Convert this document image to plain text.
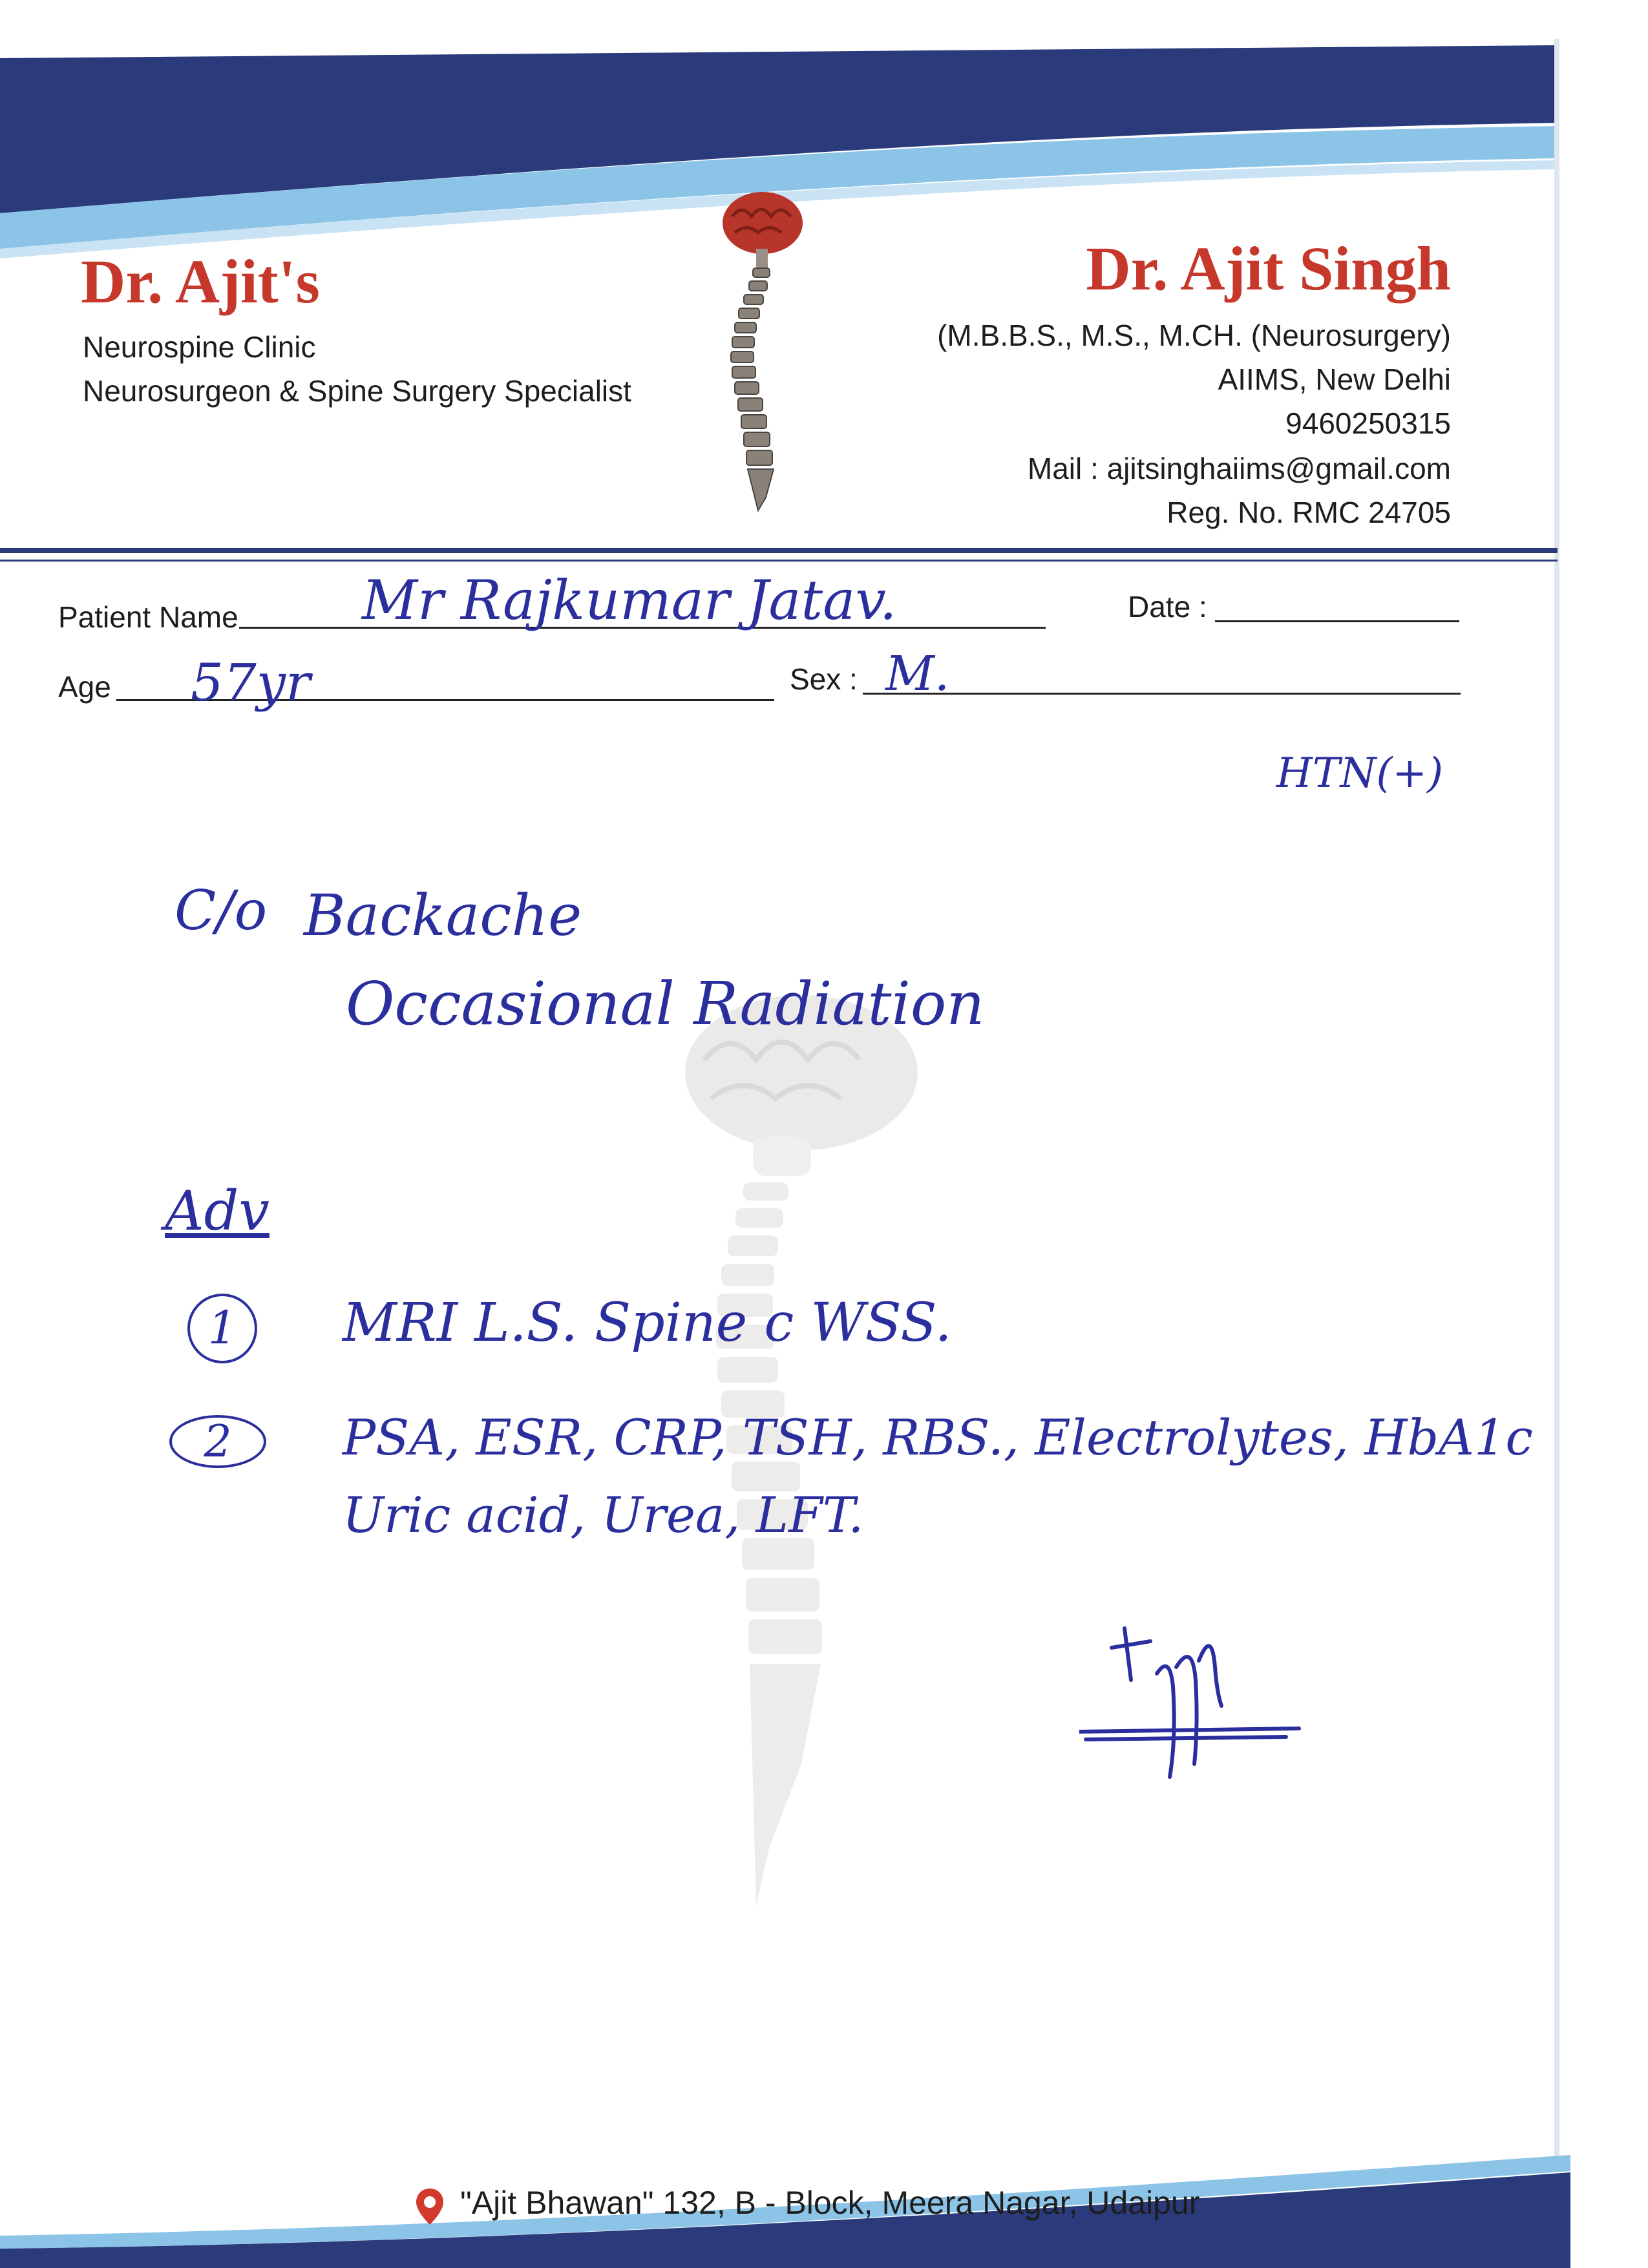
Dr. Ajit's
Neurospine Clinic
Neurosurgeon & Spine Surgery Specialist
Dr. Ajit Singh
(M.B.B.S., M.S., M.CH. (Neurosurgery)
AIIMS, New Delhi
9460250315
Mail : ajitsinghaiims@gmail.com
Reg. No. RMC 24705
Patient Name Mr Rajkumar Jatav.	Date :
Age 57yr	Sex : M.
HTN(+)
C/o Backache
Occasional Radiation
Adv
1	MRI L.S. Spine c WSS.
2	PSA, ESR, CRP, TSH, RBS., Electrolytes, HbA1c
Uric acid, Urea, LFT.
"Ajit Bhawan" 132, B - Block, Meera Nagar, Udaipur
